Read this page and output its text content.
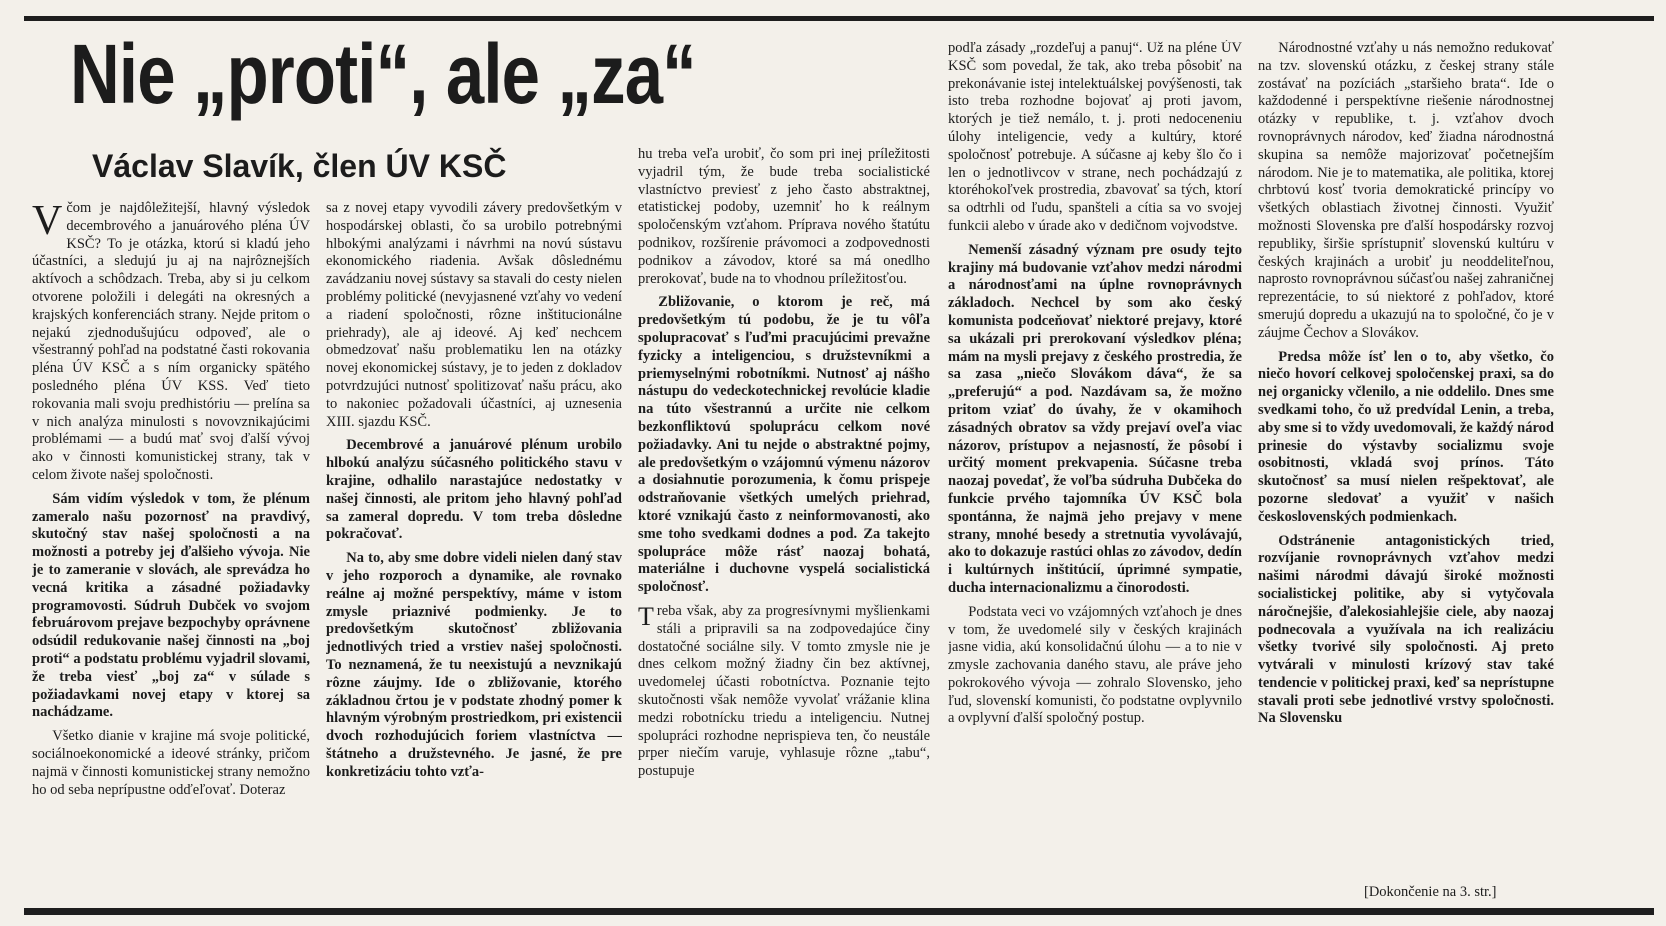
Nie „proti“, ale „za“
Václav Slavík, člen ÚV KSČ

Včom je najdôležitejší, hlavný výsledok decembrového a januárového pléna ÚV KSČ? To je otázka, ktorú si kladú jeho účastníci, a sledujú ju aj na najrôznejších aktívoch a schôdzach. Treba, aby si ju celkom otvorene položili i delegáti na okresných a krajských konferenciách strany. Nejde pritom o nejakú zjednodušujúcu odpoveď, ale o všestranný pohľad na podstatné časti rokovania pléna ÚV KSČ a s ním organicky spätého posledného pléna ÚV KSS. Veď tieto rokovania mali svoju predhistóriu — prelína sa v nich analýza minulosti s novovznikajúcimi problémami — a budú mať svoj ďalší vývoj ako v činnosti komunistickej strany, tak v celom živote našej spoločnosti.

Sám vidím výsledok v tom, že plénum zameralo našu pozornosť na pravdivý, skutočný stav našej spoločnosti a na možnosti a potreby jej ďalšieho vývoja. Nie je to zameranie v slovách, ale sprevádza ho vecná kritika a zásadné požiadavky programovosti. Súdruh Dubček vo svojom februárovom prejave bezpochyby oprávnene odsúdil redukovanie našej činnosti na „boj proti“ a podstatu problému vyjadril slovami, že treba viesť „boj za“ v súlade s požiadavkami novej etapy v ktorej sa nachádzame.

Všetko dianie v krajine má svoje politické, sociálnoekonomické a ideové stránky, pričom najmä v činnosti komunistickej strany nemožno ho od seba neprípustne odďeľovať. Doteraz

sa z novej etapy vyvodili závery predovšetkým v hospodárskej oblasti, čo sa urobilo potrebnými hlbokými analýzami i návrhmi na novú sústavu ekonomického riadenia. Avšak dôslednému zavádzaniu novej sústavy sa stavali do cesty nielen problémy politické (nevyjasnené vzťahy vo vedení a riadení spoločnosti, rôzne inštitucionálne priehrady), ale aj ideové. Aj keď nechcem obmedzovať našu problematiku len na otázky novej ekonomickej sústavy, je to jeden z dokladov potvrdzujúci nutnosť spolitizovať našu prácu, ako to nakoniec požadovali účastníci, aj uznesenia XIII. sjazdu KSČ.

Decembrové a januárové plénum urobilo hlbokú analýzu súčasného politického stavu v krajine, odhalilo narastajúce nedostatky v našej činnosti, ale pritom jeho hlavný pohľad sa zameral dopredu. V tom treba dôsledne pokračovať.

Na to, aby sme dobre videli nielen daný stav v jeho rozporoch a dynamike, ale rovnako reálne aj možné perspektívy, máme v istom zmysle priaznivé podmienky. Je to predovšetkým skutočnosť zbližovania jednotlivých tried a vrstiev našej spoločnosti. To neznamená, že tu neexistujú a nevznikajú rôzne záujmy. Ide o zbližovanie, ktorého základnou črtou je v podstate zhodný pomer k hlavným výrobným prostriedkom, pri existencii dvoch rozhodujúcich foriem vlastníctva — štátneho a družstevného. Je jasné, že pre konkretizáciu tohto vzťa-

hu treba veľa urobiť, čo som pri inej príležitosti vyjadril tým, že bude treba socialistické vlastníctvo previesť z jeho často abstraktnej, etatistickej podoby, uzemniť ho k reálnym spoločenským vzťahom. Príprava nového štatútu podnikov, rozšírenie právomoci a zodpovednosti podnikov a závodov, ktoré sa má onedlho prerokovať, bude na to vhodnou príležitosťou.

Zbližovanie, o ktorom je reč, má predovšetkým tú podobu, že je tu vôľa spolupracovať s ľuďmi pracujúcimi prevažne fyzicky a inteligenciou, s družstevníkmi a priemyselnými robotníkmi. Nutnosť aj nášho nástupu do vedeckotechnickej revolúcie kladie na túto všestrannú a určite nie celkom bezkonfliktovú spoluprácu celkom nové požiadavky. Ani tu nejde o abstraktné pojmy, ale predovšetkým o vzájomnú výmenu názorov a dosiahnutie porozumenia, k čomu prispeje odstraňovanie všetkých umelých priehrad, ktoré vznikajú často z neinformovanosti, ako sme toho svedkami dodnes a pod. Za takejto spolupráce môže rásť naozaj bohatá, materiálne i duchovne vyspelá socialistická spoločnosť.

Treba však, aby za progresívnymi myšlienkami stáli a pripravili sa na zodpovedajúce činy dostatočné sociálne sily. V tomto zmysle nie je dnes celkom možný žiadny čin bez aktívnej, uvedomelej účasti robotníctva. Poznanie tejto skutočnosti však nemôže vyvolať vrážanie klina medzi robotnícku triedu a inteligenciu. Nutnej spolupráci rozhodne neprispieva ten, čo neustále prper niečím varuje, vyhlasuje rôzne „tabu“, postupuje

podľa zásady „rozdeľuj a panuj“. Už na pléne ÚV KSČ som povedal, že tak, ako treba pôsobiť na prekonávanie istej intelektuálskej povýšenosti, tak isto treba rozhodne bojovať aj proti javom, ktorých je tiež nemálo, t. j. proti nedoceneniu úlohy inteligencie, vedy a kultúry, ktoré spoločnosť potrebuje. A súčasne aj keby šlo čo i len o jednotlivcov v strane, nech pochádzajú z ktoréhokoľvek prostredia, zbavovať sa tých, ktorí sa odtrhli od ľudu, spanšteli a cítia sa vo svojej funkcii alebo v úrade ako v dedičnom vojvodstve.

Nemenší zásadný význam pre osudy tejto krajiny má budovanie vzťahov medzi národmi a národnosťami na úplne rovnoprávnych základoch. Nechcel by som ako český komunista podceňovať niektoré prejavy, ktoré sa ukázali pri prerokovaní výsledkov pléna; mám na mysli prejavy z českého prostredia, že sa zasa „niečo Slovákom dáva“, že sa „preferujú“ a pod. Nazdávam sa, že možno pritom vziať do úvahy, že v okamihoch zásadných obratov sa vždy prejaví oveľa viac názorov, prístupov a nejasností, že pôsobí i určitý moment prekvapenia. Súčasne treba naozaj povedať, že voľba súdruha Dubčeka do funkcie prvého tajomníka ÚV KSČ bola spontánna, že najmä jeho prejavy v mene strany, mnohé besedy a stretnutia vyvolávajú, ako to dokazuje rastúci ohlas zo závodov, dedín i kultúrnych inštitúcií, úprimné sympatie, ducha internacionalizmu a činorodosti.

Podstata veci vo vzájomných vzťahoch je dnes v tom, že uvedomelé sily v českých krajinách jasne vidia, akú konsolidačnú úlohu — a to nie v zmysle zachovania daného stavu, ale práve jeho pokrokového vývoja — zohralo Slovensko, jeho ľud, slovenskí komunisti, čo podstatne ovplyvnilo a ovplyvní ďalší spoločný postup.

Národnostné vzťahy u nás nemožno redukovať na tzv. slovenskú otázku, z českej strany stále zostávať na pozíciách „staršieho brata“. Ide o každodenné i perspektívne riešenie národnostnej otázky v republike, t. j. vzťahov dvoch rovnoprávnych národov, keď žiadna národnostná skupina sa nemôže majorizovať početnejším národom. Nie je to matematika, ale politika, ktorej chrbtovú kosť tvoria demokratické princípy vo všetkých oblastiach životnej činnosti. Využiť možnosti Slovenska pre ďalší hospodársky rozvoj republiky, širšie sprístupniť slovenskú kultúru v českých krajinách a urobiť ju neoddeliteľnou, naprosto rovnoprávnou súčasťou našej zahraničnej reprezentácie, to sú niektoré z pohľadov, ktoré smerujú dopredu a ukazujú na to spoločné, čo je v záujme Čechov a Slovákov.

Predsa môže ísť len o to, aby všetko, čo niečo hovorí celkovej spoločenskej praxi, sa do nej organicky včlenilo, a nie oddelilo. Dnes sme svedkami toho, čo už predvídal Lenin, a treba, aby sme si to vždy uvedomovali, že každý národ prinesie do výstavby socializmu svoje osobitnosti, vkladá svoj prínos. Táto skutočnosť sa musí nielen rešpektovať, ale pozorne sledovať a využiť v našich československých podmienkach.

Odstránenie antagonistických tried, rozvíjanie rovnoprávnych vzťahov medzi našimi národmi dávajú široké možnosti socialistickej politike, aby si vytyčovala náročnejšie, ďalekosiahlejšie ciele, aby naozaj podnecovala a využívala na ich realizáciu všetky tvorivé sily spoločnosti. Aj preto vytvárali v minulosti krízový stav také tendencie v politickej praxi, keď sa neprístupne stavali proti sebe jednotlivé vrstvy spoločnosti. Na Slovensku

[Dokončenie na 3. str.]
